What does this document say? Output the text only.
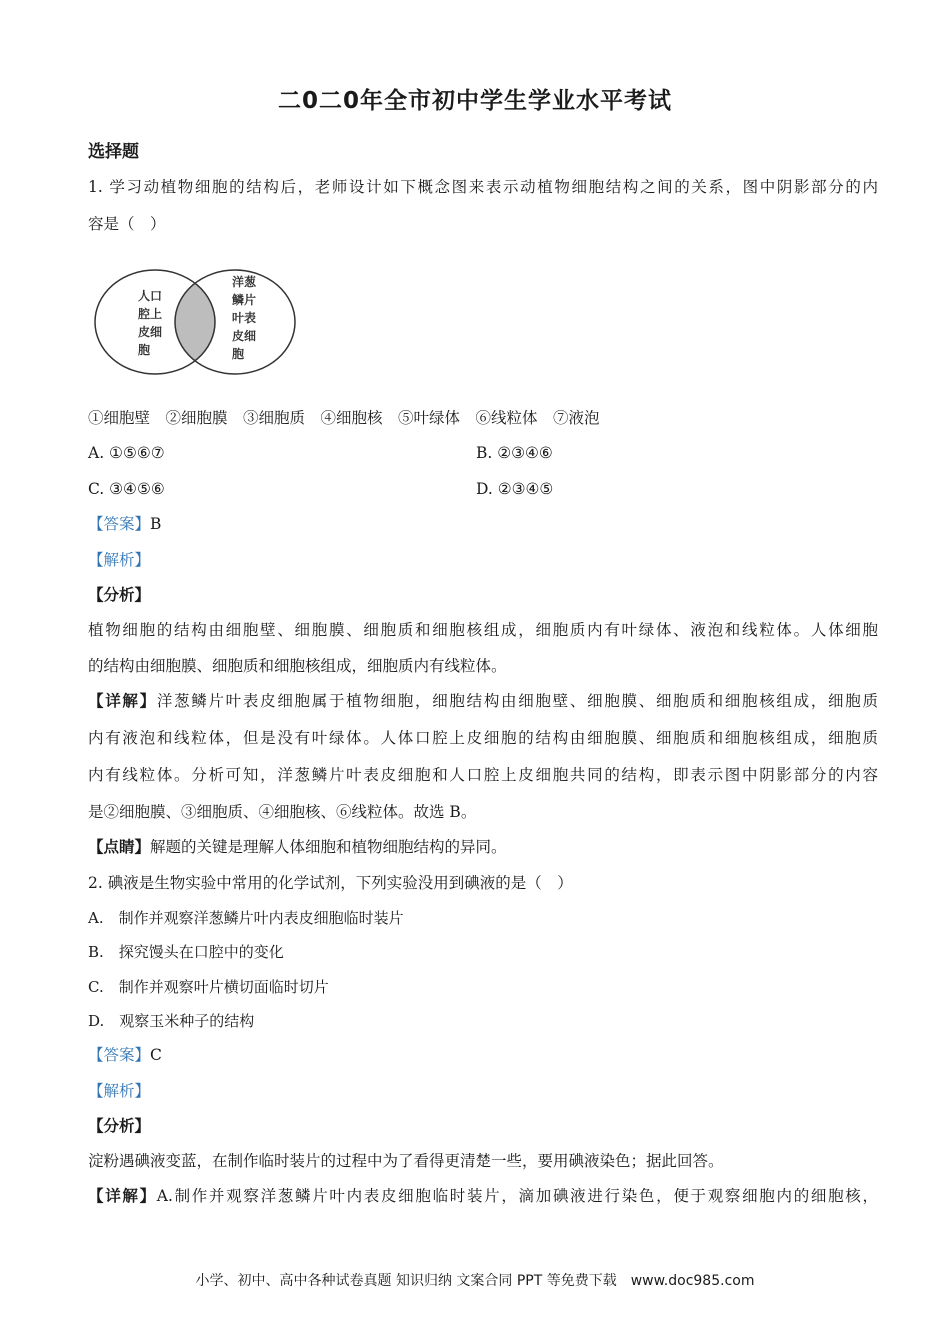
二0二0年全市初中学生学业水平考试
选择题
1. 学习动植物细胞的结构后，老师设计如下概念图来表示动植物细胞结构之间的关系，图中阴影部分的内
容是（　）
人口
腔上
皮细
胞
洋葱
鳞片
叶表
皮细
胞
①细胞壁　②细胞膜　③细胞质　④细胞核　⑤叶绿体　⑥线粒体　⑦液泡
A. ①⑤⑥⑦	B. ②③④⑥
C. ③④⑤⑥	D. ②③④⑤
【答案】B
【解析】
【分析】
植物细胞的结构由细胞壁、细胞膜、细胞质和细胞核组成，细胞质内有叶绿体、液泡和线粒体。人体细胞
的结构由细胞膜、细胞质和细胞核组成，细胞质内有线粒体。
【详解】洋葱鳞片叶表皮细胞属于植物细胞，细胞结构由细胞壁、细胞膜、细胞质和细胞核组成，细胞质
内有液泡和线粒体，但是没有叶绿体。人体口腔上皮细胞的结构由细胞膜、细胞质和细胞核组成，细胞质
内有线粒体。分析可知，洋葱鳞片叶表皮细胞和人口腔上皮细胞共同的结构，即表示图中阴影部分的内容
是②细胞膜、③细胞质、④细胞核、⑥线粒体。故选 B。
【点睛】解题的关键是理解人体细胞和植物细胞结构的异同。
2. 碘液是生物实验中常用的化学试剂，下列实验没用到碘液的是（　）
A.　制作并观察洋葱鳞片叶内表皮细胞临时装片
B.　探究馒头在口腔中的变化
C.　制作并观察叶片横切面临时切片
D.　观察玉米种子的结构
【答案】C
【解析】
【分析】
淀粉遇碘液变蓝，在制作临时装片的过程中为了看得更清楚一些，要用碘液染色；据此回答。
【详解】A.制作并观察洋葱鳞片叶内表皮细胞临时装片，滴加碘液进行染色，便于观察细胞内的细胞核，
小学、初中、高中各种试卷真题 知识归纳 文案合同 PPT 等免费下载　www.doc985.com
